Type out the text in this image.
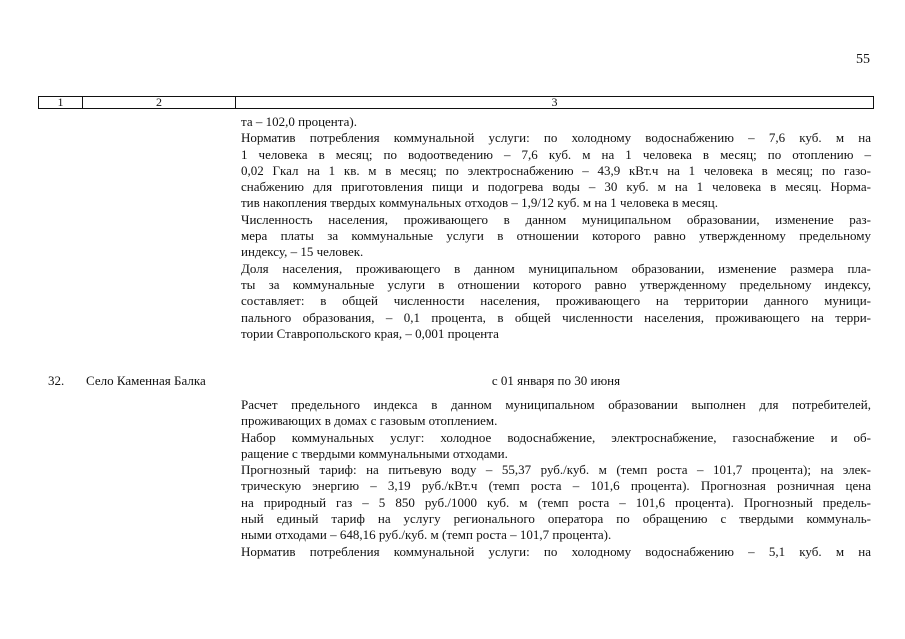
55
1	2	3
та – 102,0 процента).
Норматив потребления коммунальной услуги: по холодному водоснабжению – 7,6 куб. м на
1 человека в месяц; по водоотведению – 7,6 куб. м на 1 человека в месяц; по отоплению –
0,02 Гкал на 1 кв. м в месяц; по электроснабжению – 43,9 кВт.ч на 1 человека в месяц; по газо-
снабжению для приготовления пищи и подогрева воды – 30 куб. м на 1 человека в месяц. Норма-
тив накопления твердых коммунальных отходов – 1,9/12 куб. м на 1 человека в месяц.
Численность населения, проживающего в данном муниципальном образовании, изменение раз-
мера платы за коммунальные услуги в отношении которого равно утвержденному предельному
индексу, – 15 человек.
Доля населения, проживающего в данном муниципальном образовании, изменение размера пла-
ты за коммунальные услуги в отношении которого равно утвержденному предельному индексу,
составляет: в общей численности населения, проживающего на территории данного муници-
пального образования, – 0,1 процента, в общей численности населения, проживающего на терри-
тории Ставропольского края, – 0,001 процента
32. Село Каменная Балка	с 01 января по 30 июня
Расчет предельного индекса в данном муниципальном образовании выполнен для потребителей,
проживающих в домах с газовым отоплением.
Набор коммунальных услуг: холодное водоснабжение, электроснабжение, газоснабжение и об-
ращение с твердыми коммунальными отходами.
Прогнозный тариф: на питьевую воду – 55,37 руб./куб. м (темп роста – 101,7 процента); на элек-
трическую энергию – 3,19 руб./кВт.ч (темп роста – 101,6 процента). Прогнозная розничная цена
на природный газ – 5 850 руб./1000 куб. м (темп роста – 101,6 процента). Прогнозный предель-
ный единый тариф на услугу регионального оператора по обращению с твердыми коммуналь-
ными отходами – 648,16 руб./куб. м (темп роста – 101,7 процента).
Норматив потребления коммунальной услуги: по холодному водоснабжению – 5,1 куб. м на
